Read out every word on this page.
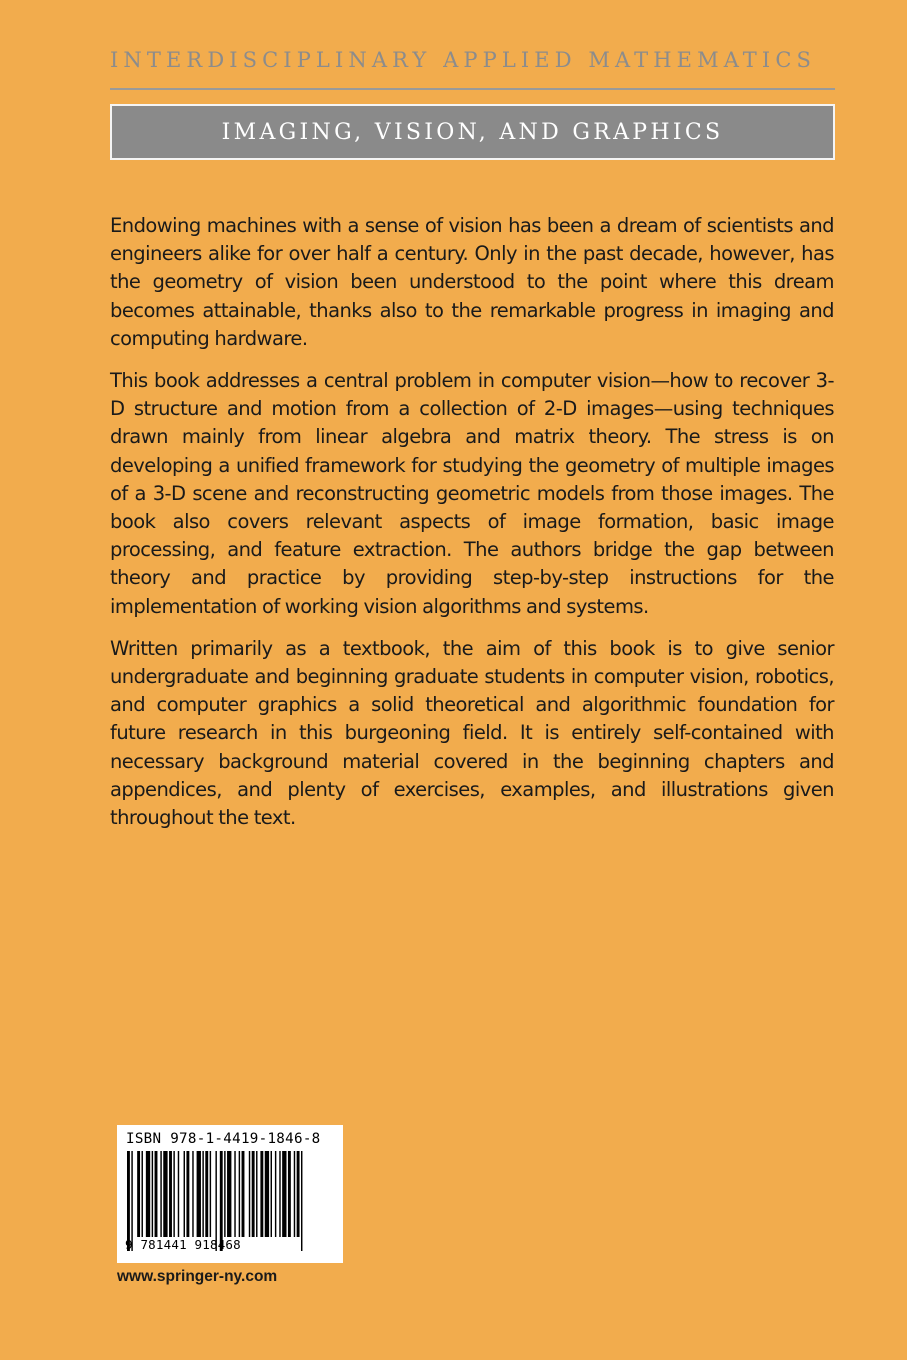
INTERDISCIPLINARY APPLIED MATHEMATICS
IMAGING, VISION, AND GRAPHICS

Endowing machines with a sense of vision has been a dream of scientists and engineers alike for over half a century. Only in the past decade, however, has the geometry of vision been understood to the point where this dream becomes attainable, thanks also to the remarkable progress in imaging and computing hardware.

This book addresses a central problem in computer vision—how to recover 3-D structure and motion from a collection of 2-D images—using techniques drawn mainly from linear algebra and matrix theory. The stress is on developing a unified framework for studying the geometry of multiple images of a 3-D scene and reconstructing geometric models from those images. The book also covers relevant aspects of image formation, basic image processing, and feature extraction. The authors bridge the gap between theory and practice by providing step-by-step instructions for the implementation of working vision algorithms and systems.

Written primarily as a textbook, the aim of this book is to give senior undergraduate and beginning graduate students in computer vision, robotics, and computer graphics a solid theoretical and algorithmic foundation for future research in this burgeoning field. It is entirely self-contained with necessary background material covered in the beginning chapters and appendices, and plenty of exercises, examples, and illustrations given throughout the text.

ISBN 978-1-4419-1846-8
9 781441 918468
www.springer-ny.com
